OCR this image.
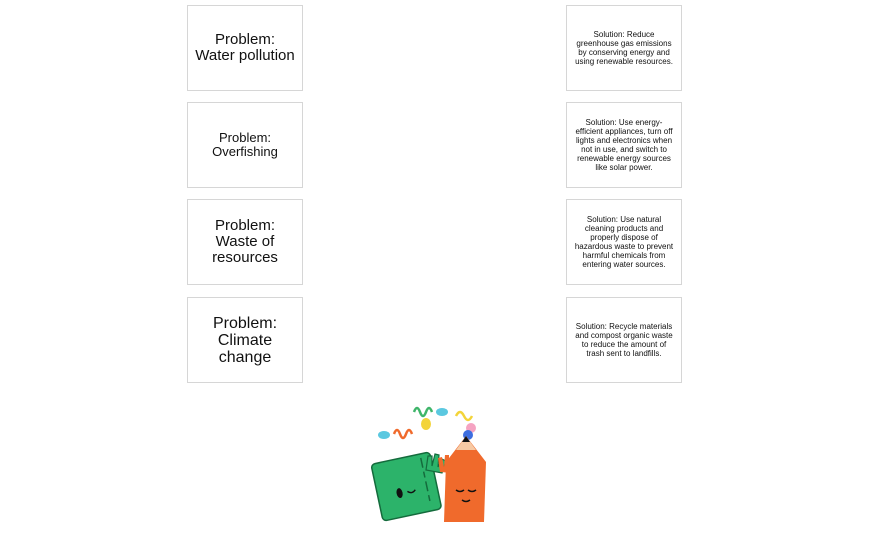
Problem: Water pollution
Problem: Overfishing
Problem: Waste of resources
Problem: Climate change
Solution: Reduce greenhouse gas emissions by conserving energy and using renewable resources.
Solution: Use energy-efficient appliances, turn off lights and electronics when not in use, and switch to renewable energy sources like solar power.
Solution: Use natural cleaning products and properly dispose of hazardous waste to prevent harmful chemicals from entering water sources.
Solution: Recycle materials and compost organic waste to reduce the amount of trash sent to landfills.
